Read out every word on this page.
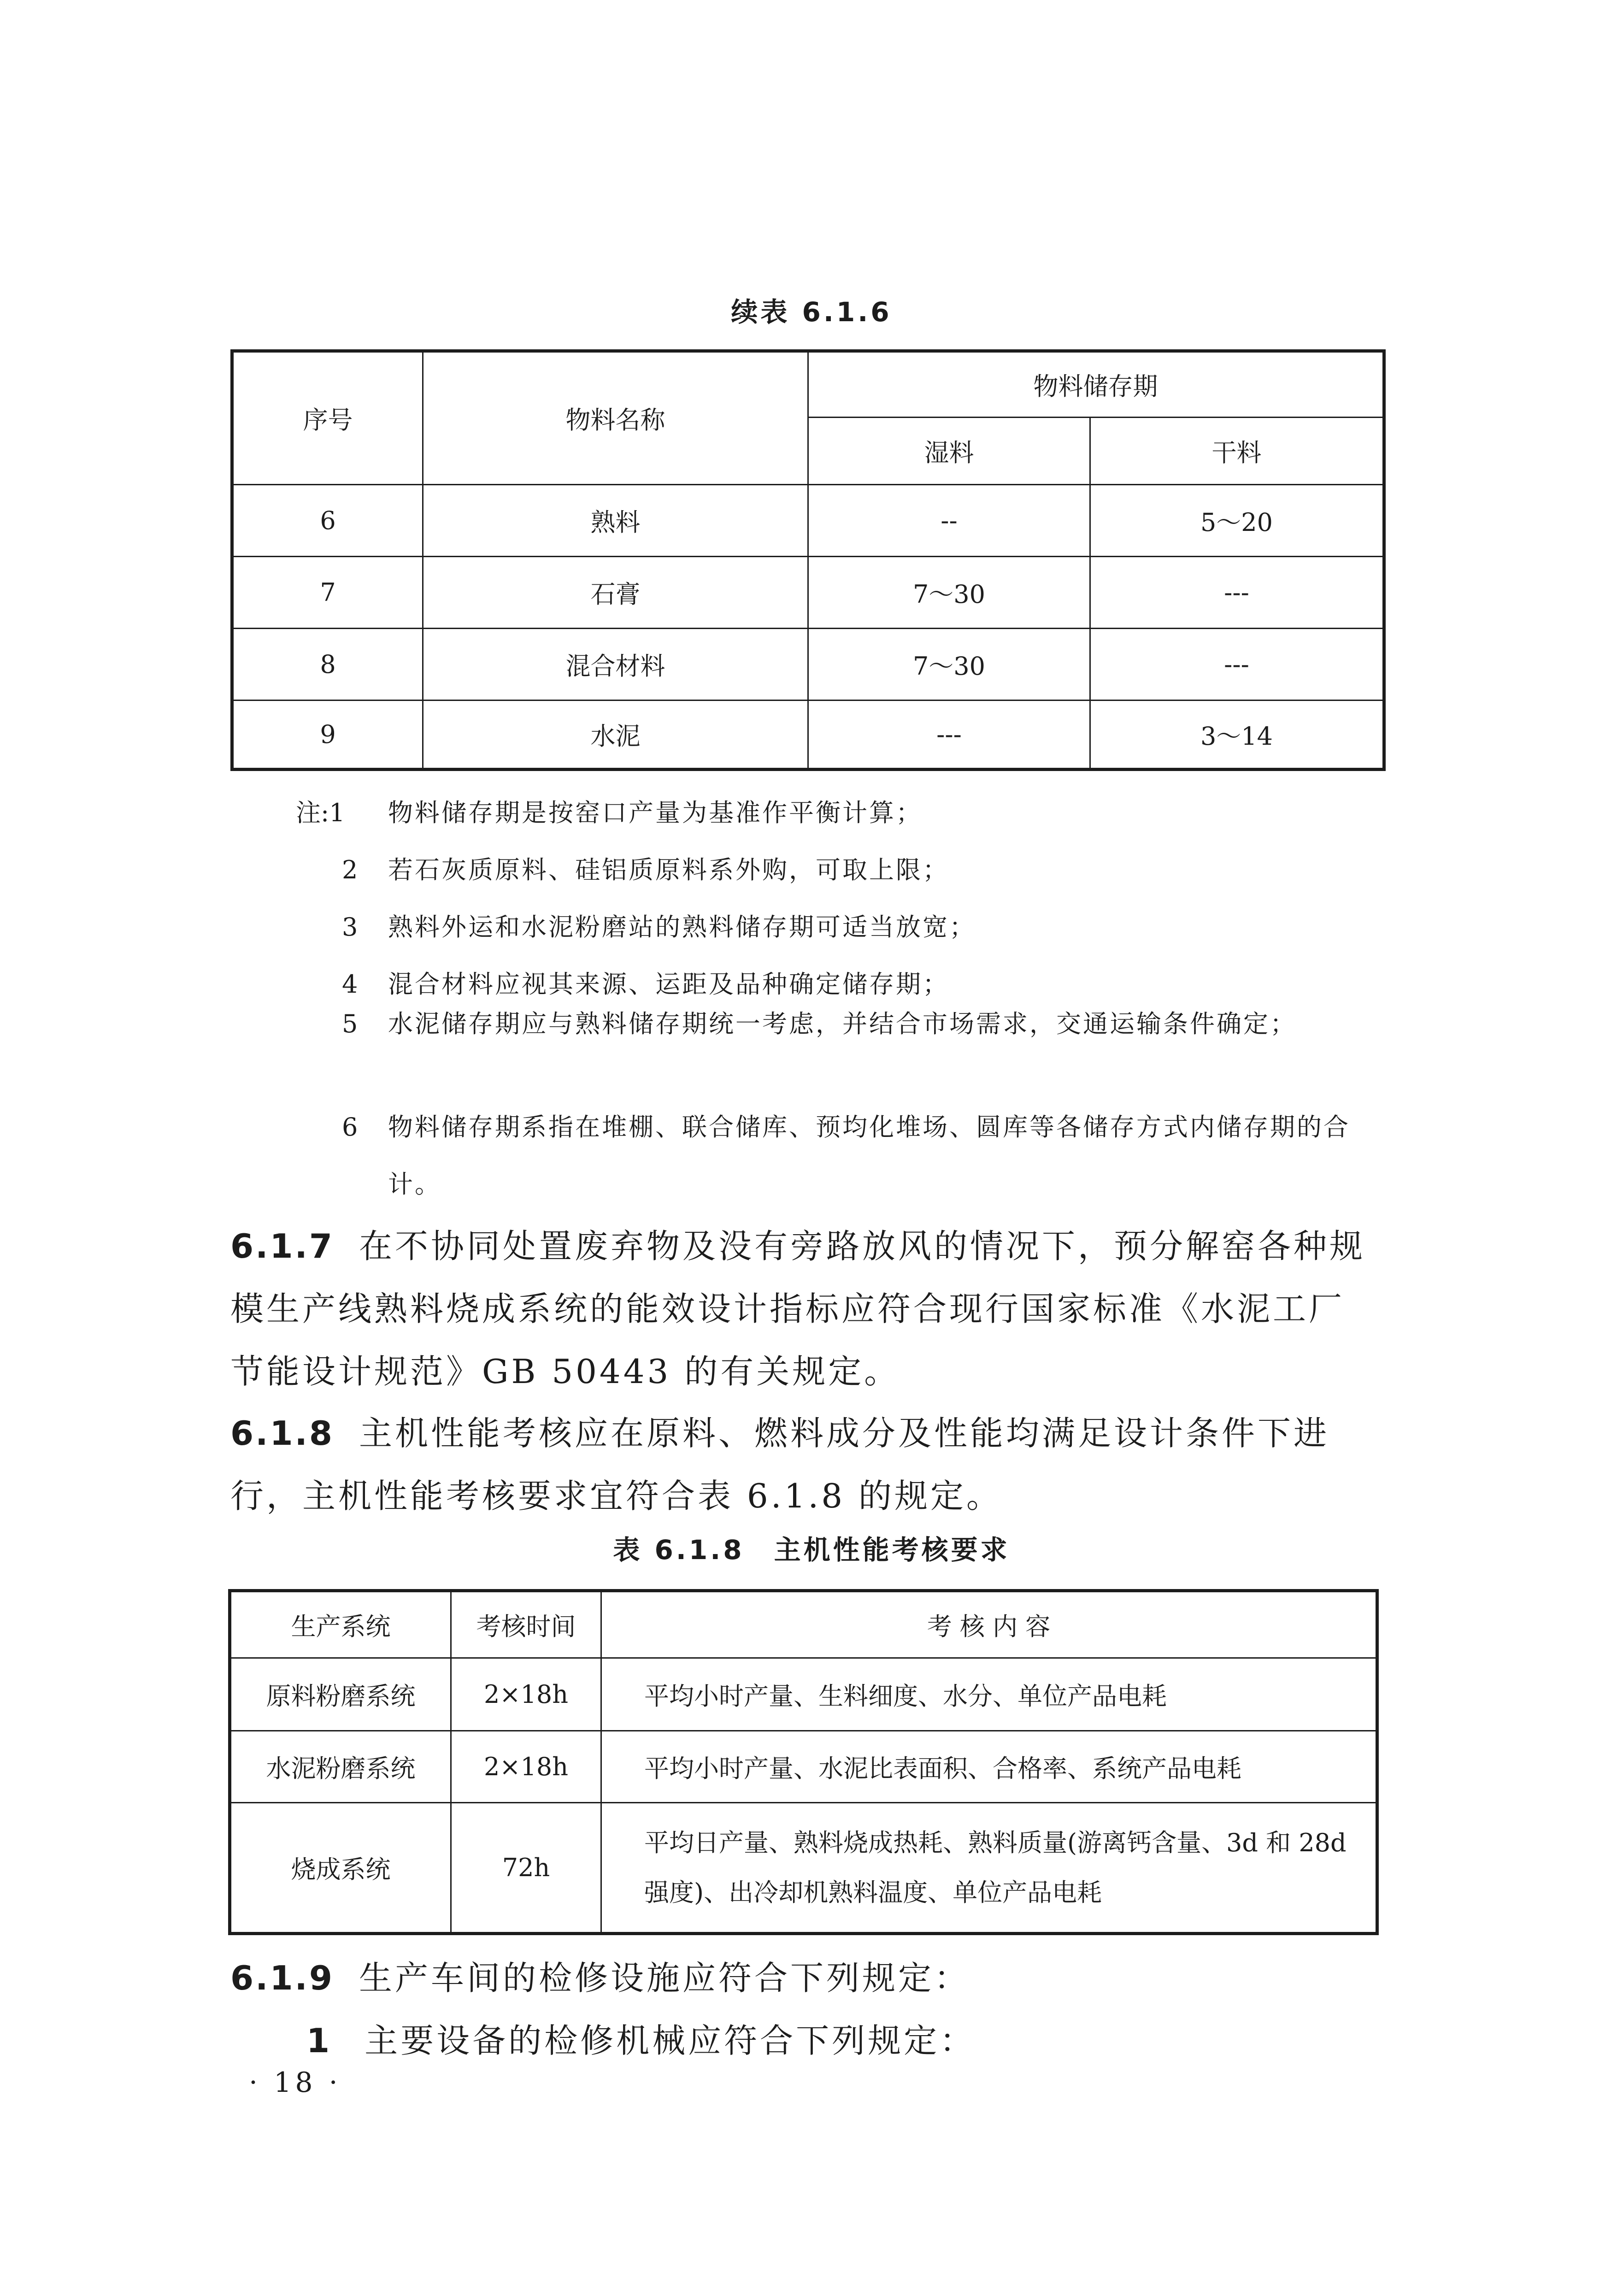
续表 6.1.6
序号	物料名称	物料储存期	
		湿料	干料
6	熟料	--	5～20
7	石膏	7～30	---
8	混合材料	7～30	---
9	水泥	---	3～14
注:1 物料储存期是按窑口产量为基准作平衡计算；
2 若石灰质原料、硅铝质原料系外购，可取上限；
3 熟料外运和水泥粉磨站的熟料储存期可适当放宽；
4 混合材料应视其来源、运距及品种确定储存期；
5 水泥储存期应与熟料储存期统一考虑，并结合市场需求，交通运输条件确定；
6 物料储存期系指在堆棚、联合储库、预均化堆场、圆库等各储存方式内储存期的合计。
6.1.7 在不协同处置废弃物及没有旁路放风的情况下，预分解窑各种规模生产线熟料烧成系统的能效设计指标应符合现行国家标准《水泥工厂节能设计规范》GB 50443 的有关规定。
6.1.8 主机性能考核应在原料、燃料成分及性能均满足设计条件下进行，主机性能考核要求宜符合表 6.1.8 的规定。
表 6.1.8　主机性能考核要求
生产系统	考核时间	考 核 内 容
原料粉磨系统	2×18h	平均小时产量、生料细度、水分、单位产品电耗
水泥粉磨系统	2×18h	平均小时产量、水泥比表面积、合格率、系统产品电耗
烧成系统	72h	平均日产量、熟料烧成热耗、熟料质量(游离钙含量、3d 和 28d 强度)、出冷却机熟料温度、单位产品电耗
6.1.9 生产车间的检修设施应符合下列规定：
1 主要设备的检修机械应符合下列规定：
· 18 ·
